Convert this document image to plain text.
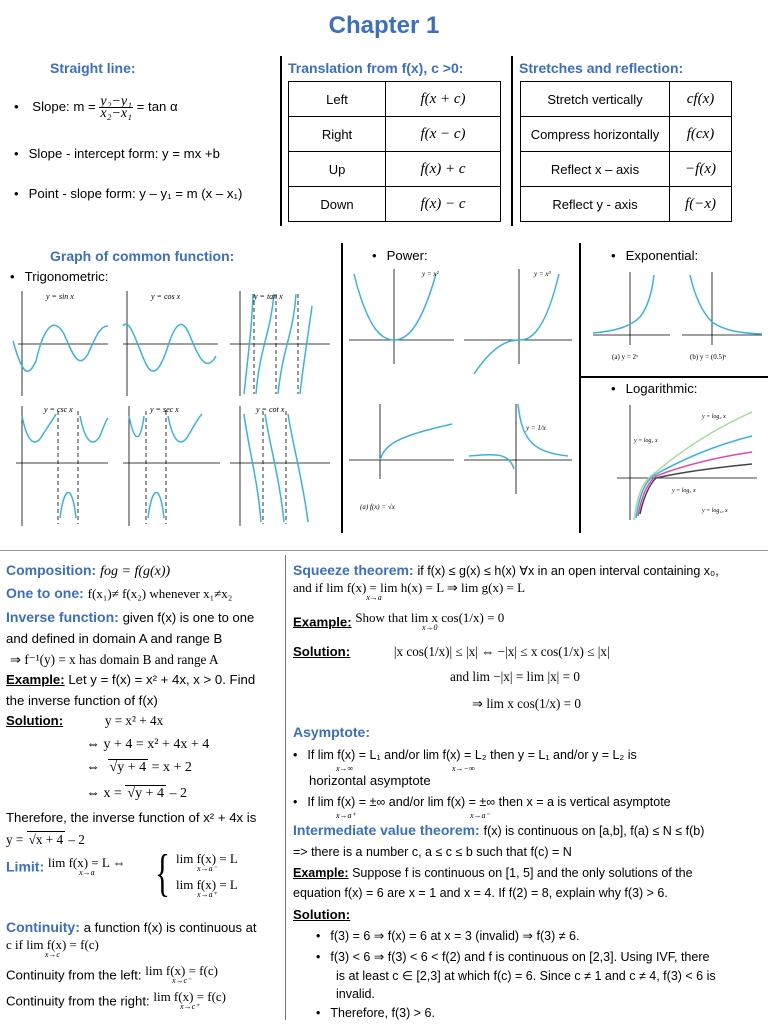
Chapter 1
Straight line:
• Slope: $m = \frac{\text{y₂−y₁}}{\text{x₂−x₁}} = \tan \alpha$
• Slope - intercept form: y = mx +b
• Point - slope form: y – y₁ = m (x – x₁)
Translation from f(x), c >0:
Left	f(x + c)
Right	f(x − c)
Up	f(x) + c
Down	f(x) − c
Stretches and reflection:
Stretch vertically	cf(x)
Compress horizontally	f(cx)
Reflect x – axis	−f(x)
Reflect y - axis	f(−x)
Graph of common function:
• Trigonometric:
• Power:	• Exponential:
• Logarithmic:
y = sin x	y = cos x	y = tan x
y = csc x	y = sec x	y = cot x
y = x²	y = x³
(a) f(x) = √x
y = 1/x
(a) y = 2ˣ	(b) y = (0.5)ˣ
y = log₂ x
y = log₃ x
y = log₅ x
y = log₁₀ x
Composition: fog = f(g(x))
One to one: f(x₁)≠ f(x₂) whenever x₁≠x₂
Inverse function: given f(x) is one to one
and defined in domain A and range B
⇒ f⁻¹(y) = x has domain B and range A
Example: Let y = f(x) = x² + 4x, x > 0. Find
the inverse function of f(x)
Solution:	y = x² + 4x
⇔ y + 4 = x² + 4x + 4
⇔ √y + 4 = x + 2
⇔ x = √y + 4 – 2
Therefore, the inverse function of x² + 4x is
y = √x + 4 – 2
Limit: lim f(x) = L ⇔
x→a	{ lim f(x) = L
x→a⁻
lim f(x) = L
x→a⁺
Continuity: a function f(x) is continuous at
c if lim f(x) = f(c)
x→c
Continuity from the left: lim f(x) = f(c)
x→c⁻
Continuity from the right: lim f(x) = f(c)
x→c⁺
Squeeze theorem: if f(x) ≤ g(x) ≤ h(x) ∀x in an open interval containing x₀,
and if lim f(x) = lim h(x) = L ⇒ lim g(x) = L
x→a
Example: Show that lim x cos(1/x) = 0
x→0
Solution:	|x cos(1/x)| ≤ |x| ⇔ −|x| ≤ x cos(1/x) ≤ |x|
and lim −|x| = lim |x| = 0
⇒ lim x cos(1/x) = 0
Asymptote:
• If lim f(x) = L₁ and/or lim f(x) = L₂ then y = L₁ and/or y = L₂ is
x→∞	x→−∞
horizontal asymptote
• If lim f(x) = ±∞ and/or lim f(x) = ±∞ then x = a is vertical asymptote
x→a⁺	x→a⁻
Intermediate value theorem: f(x) is continuous on [a,b], f(a) ≤ N ≤ f(b)
=> there is a number c, a ≤ c ≤ b such that f(c) = N
Example: Suppose f is continuous on [1, 5] and the only solutions of the
equation f(x) = 6 are x = 1 and x = 4. If f(2) = 8, explain why f(3) > 6.
Solution:
• f(3) = 6 ⇒ f(x) = 6 at x = 3 (invalid) ⇒ f(3) ≠ 6.
• f(3) < 6 ⇒ f(3) < 6 < f(2) and f is continuous on [2,3]. Using IVF, there
is at least c ∈ [2,3] at which f(c) = 6. Since c ≠ 1 and c ≠ 4, f(3) < 6 is
invalid.
• Therefore, f(3) > 6.
